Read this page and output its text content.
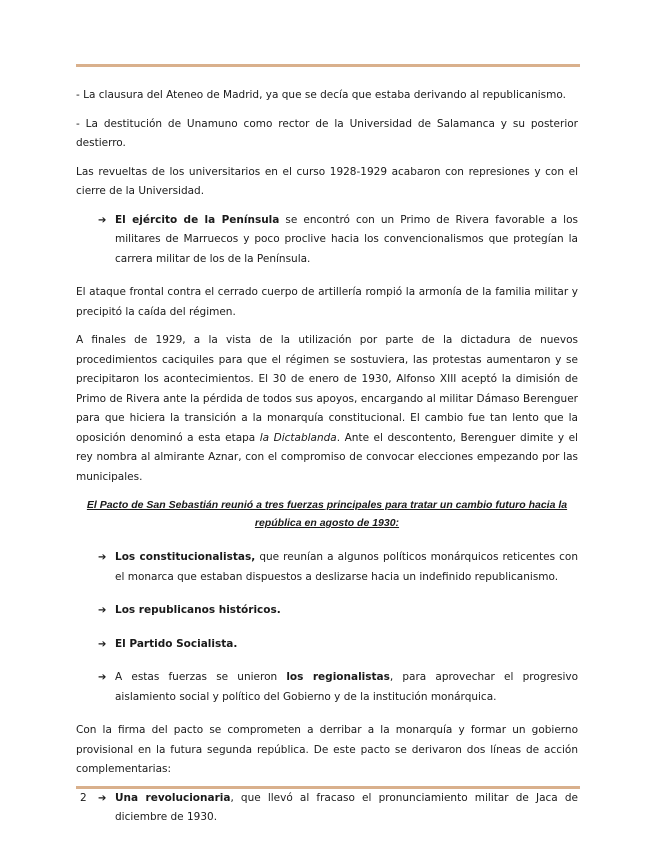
- La clausura del Ateneo de Madrid, ya que se decía que estaba derivando al republicanismo.

- La destitución de Unamuno como rector de la Universidad de Salamanca y su posterior destierro.

Las revueltas de los universitarios en el curso 1928-1929 acabaron con represiones y con el cierre de la Universidad.

➔ El ejército de la Península se encontró con un Primo de Rivera favorable a los militares de Marruecos y poco proclive hacia los convencionalismos que protegían la carrera militar de los de la Península.

El ataque frontal contra el cerrado cuerpo de artillería rompió la armonía de la familia militar y precipitó la caída del régimen.

A finales de 1929, a la vista de la utilización por parte de la dictadura de nuevos procedimientos caciquiles para que el régimen se sostuviera, las protestas aumentaron y se precipitaron los acontecimientos. El 30 de enero de 1930, Alfonso XIII aceptó la dimisión de Primo de Rivera ante la pérdida de todos sus apoyos, encargando al militar Dámaso Berenguer para que hiciera la transición a la monarquía constitucional. El cambio fue tan lento que la oposición denominó a esta etapa la Dictablanda. Ante el descontento, Berenguer dimite y el rey nombra al almirante Aznar, con el compromiso de convocar elecciones empezando por las municipales.

El Pacto de San Sebastián reunió a tres fuerzas principales para tratar un cambio futuro hacia la república en agosto de 1930:

➔ Los constitucionalistas, que reunían a algunos políticos monárquicos reticentes con el monarca que estaban dispuestos a deslizarse hacia un indefinido republicanismo.
➔ Los republicanos históricos.
➔ El Partido Socialista.
➔ A estas fuerzas se unieron los regionalistas, para aprovechar el progresivo aislamiento social y político del Gobierno y de la institución monárquica.

Con la firma del pacto se comprometen a derribar a la monarquía y formar un gobierno provisional en la futura segunda república. De este pacto se derivaron dos líneas de acción complementarias:

➔ Una revolucionaria, que llevó al fracaso el pronunciamiento militar de Jaca de diciembre de 1930.
2
